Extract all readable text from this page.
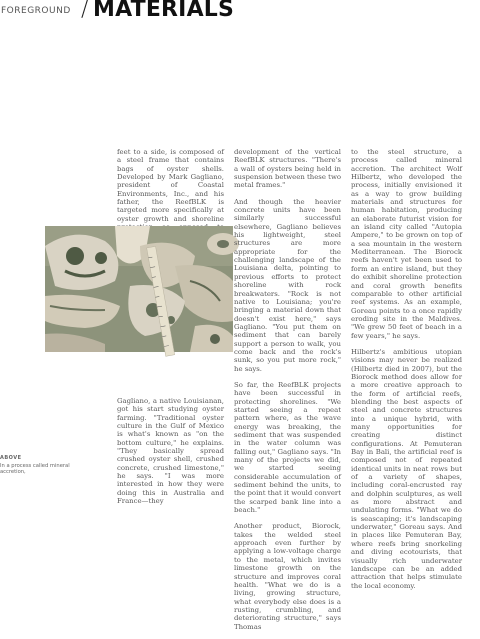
FOREGROUND / MATERIALS

feet to a side, is composed of a steel frame that contains bags of oyster shells. Developed by Mark Gagliano, president of Coastal Environments, Inc., and his father, the ReefBLK is targeted more specifically at oyster growth and shoreline

ABOVE
In a process called mineral accretion,

Gagliano, a native Louisianan, got his start studying oyster farming. "Traditional oyster culture in the Gulf of Mexico is what's known as "on the bottom culture," he explains. "They basically spread crushed oyster shell, crushed concrete, crushed limestone," he says. "I was more interested in how they were doing this in Australia and France—they

development of the vertical ReefBLK structures. "There's a wall of oysters being held in suspension between these two metal frames."

And though the heavier concrete units have been similarly successful elsewhere, Gagliano believes his lightweight, steel structures are more appropriate for the challenging landscape of the Louisiana delta, pointing to previous efforts to protect shoreline with rock breakwaters. "Rock is not native to Louisiana; you're bringing a material down that doesn't exist here," says Gagliano. "You put them on sediment that can barely support a person to walk, you come back and the rock's sunk, so you put more rock," he says.

So far, the ReefBLK projects have been successful in protecting shorelines. "We started seeing a repeat pattern where, as the wave energy was breaking, the sediment that was suspended in the water column was falling out," Gagliano says. "In many of the projects we did, we started seeing considerable accumulation of sediment behind the units, to the point that it would convert the scarped bank line into a beach."

Another product, Biorock, takes the welded steel approach even further by applying a low-voltage charge to the metal, which invites limestone growth on the structure and improves coral health. "What we do is a living, growing structure, what everybody else does is a rusting, crumbling, and deteriorating structure," says Thomas

to the steel structure, a process called mineral accretion. The architect Wolf Hilbertz, who developed the process, initially envisioned it as a way to grow building materials and structures for human habitation, producing an elaborate futurist vision for an island city called "Autopia Ampere," to be grown on top of a sea mountain in the western Mediterranean. The Biorock reefs haven't yet been used to form an entire island, but they do exhibit shoreline protection and coral growth benefits comparable to other artificial reef systems. As an example, Goreau points to a once rapidly eroding site in the Maldives. "We grew 50 feet of beach in a few years," he says.

Hilbertz's ambitious utopian visions may never be realized (Hilbertz died in 2007), but the Biorock method does allow for a more creative approach to the form of artificial reefs, blending the best aspects of steel and concrete structures into a unique hybrid, with many opportunities for creating distinct configurations. At Pemuteran Bay in Bali, the artificial reef is composed not of repeated identical units in neat rows but of a variety of shapes, including coral-encrusted ray and dolphin sculptures, as well as more abstract and undulating forms. "What we do is seascaping; it's landscaping underwater," Goreau says. And in places like Pemuteran Bay, where reefs bring snorkeling and diving ecotourists, that visually rich underwater landscape can be an added attraction that helps stimulate the local economy.
